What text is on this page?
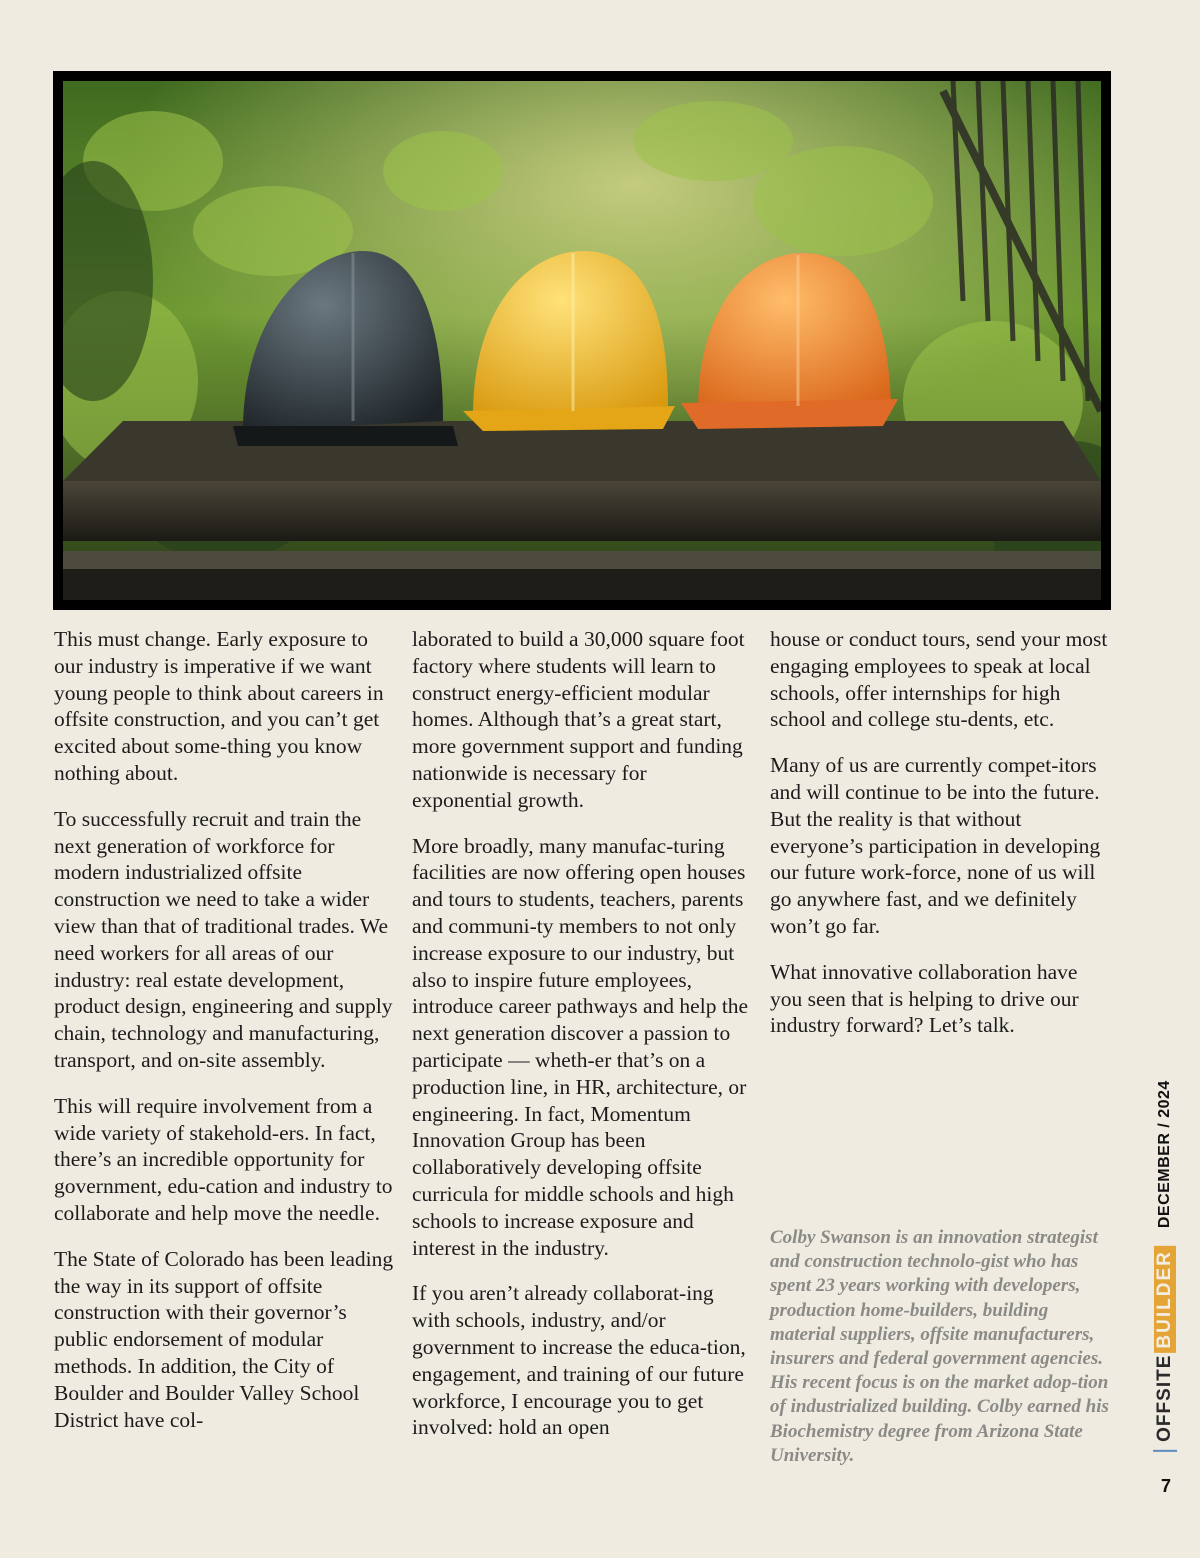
This must change. Early exposure to our industry is imperative if we want young people to think about careers in offsite construction, and you can’t get excited about some-thing you know nothing about.

To successfully recruit and train the next generation of workforce for modern industrialized offsite construction we need to take a wider view than that of traditional trades. We need workers for all areas of our industry: real estate development, product design, engineering and supply chain, technology and manufacturing, transport, and on-site assembly.

This will require involvement from a wide variety of stakehold-ers. In fact, there’s an incredible opportunity for government, edu-cation and industry to collaborate and help move the needle.

The State of Colorado has been leading the way in its support of offsite construction with their governor’s public endorsement of modular methods. In addition, the City of Boulder and Boulder Valley School District have col-

laborated to build a 30,000 square foot factory where students will learn to construct energy-efficient modular homes. Although that’s a great start, more government support and funding nationwide is necessary for exponential growth.

More broadly, many manufac-turing facilities are now offering open houses and tours to students, teachers, parents and communi-ty members to not only increase exposure to our industry, but also to inspire future employees, introduce career pathways and help the next generation discover a passion to participate — wheth-er that’s on a production line, in HR, architecture, or engineering. In fact, Momentum Innovation Group has been collaboratively developing offsite curricula for middle schools and high schools to increase exposure and interest in the industry.

If you aren’t already collaborat-ing with schools, industry, and/or government to increase the educa-tion, engagement, and training of our future workforce, I encourage you to get involved: hold an open

house or conduct tours, send your most engaging employees to speak at local schools, offer internships for high school and college stu-dents, etc.

Many of us are currently compet-itors and will continue to be into the future. But the reality is that without everyone’s participation in developing our future work-force, none of us will go anywhere fast, and we definitely won’t go far.

What innovative collaboration have you seen that is helping to drive our industry forward? Let’s talk.

Colby Swanson is an innovation strategist and construction technolo-gist who has spent 23 years working with developers, production home-builders, building material suppliers, offsite manufacturers, insurers and federal government agencies. His recent focus is on the market adop-tion of industrialized building. Colby earned his Biochemistry degree from Arizona State University.

OFFSITE
BUILDER
DECEMBER / 2024
7
